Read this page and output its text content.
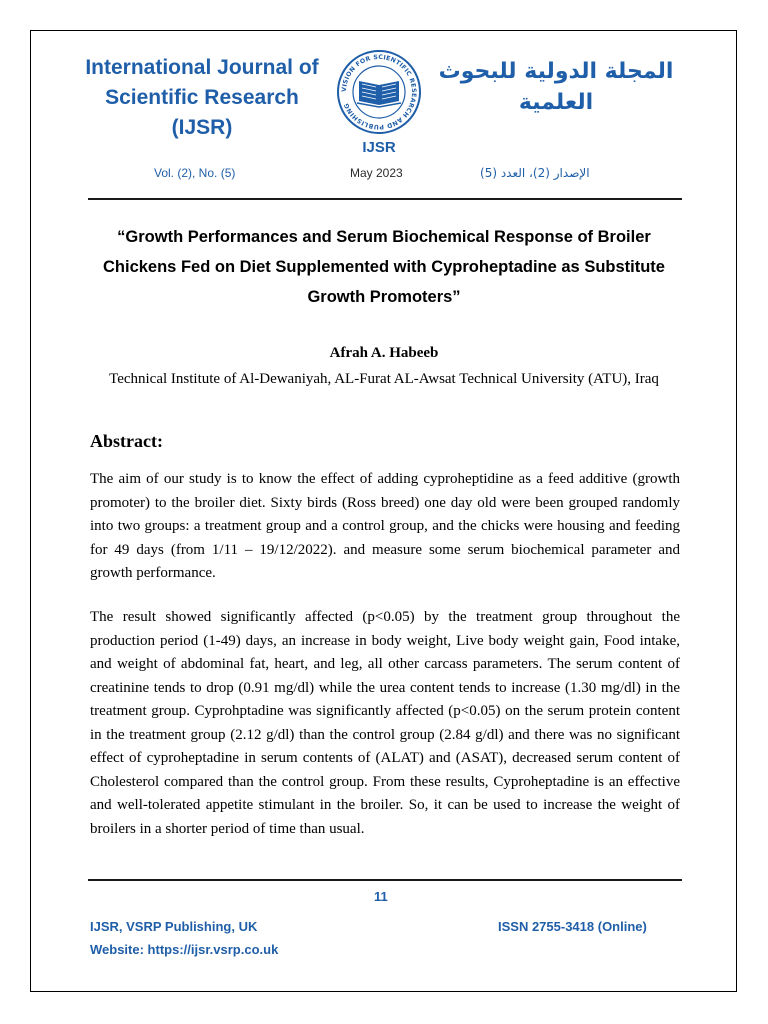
International Journal of Scientific Research (IJSR)
VISION FOR SCIENTIFIC RESEARCH AND PUBLISHING
IJSR
المجلة الدولية للبحوث العلمية
Vol. (2), No. (5)	May 2023	الإصدار (2)، العدد (5)
“Growth Performances and Serum Biochemical Response of Broiler Chickens Fed on Diet Supplemented with Cyproheptadine as Substitute Growth Promoters”
Afrah A. Habeeb
Technical Institute of Al-Dewaniyah, AL-Furat AL-Awsat Technical University (ATU), Iraq
Abstract:
The aim of our study is to know the effect of adding cyproheptidine as a feed additive (growth promoter) to the broiler diet. Sixty birds (Ross breed) one day old were been grouped randomly into two groups: a treatment group and a control group, and the chicks were housing and feeding for 49 days (from 1/11 – 19/12/2022). and measure some serum biochemical parameter and growth performance.
The result showed significantly affected (p<0.05) by the treatment group throughout the production period (1-49) days, an increase in body weight, Live body weight gain, Food intake, and weight of abdominal fat, heart, and leg, all other carcass parameters. The serum content of creatinine tends to drop (0.91 mg/dl) while the urea content tends to increase (1.30 mg/dl) in the treatment group. Cyprohptadine was significantly affected (p<0.05) on the serum protein content in the treatment group (2.12 g/dl) than the control group (2.84 g/dl) and there was no significant effect of cyproheptadine in serum contents of (ALAT) and (ASAT), decreased serum content of Cholesterol compared than the control group. From these results, Cyproheptadine is an effective and well-tolerated appetite stimulant in the broiler. So, it can be used to increase the weight of broilers in a shorter period of time than usual.
11
IJSR, VSRP Publishing, UK
Website: https://ijsr.vsrp.co.uk
ISSN 2755-3418 (Online)
